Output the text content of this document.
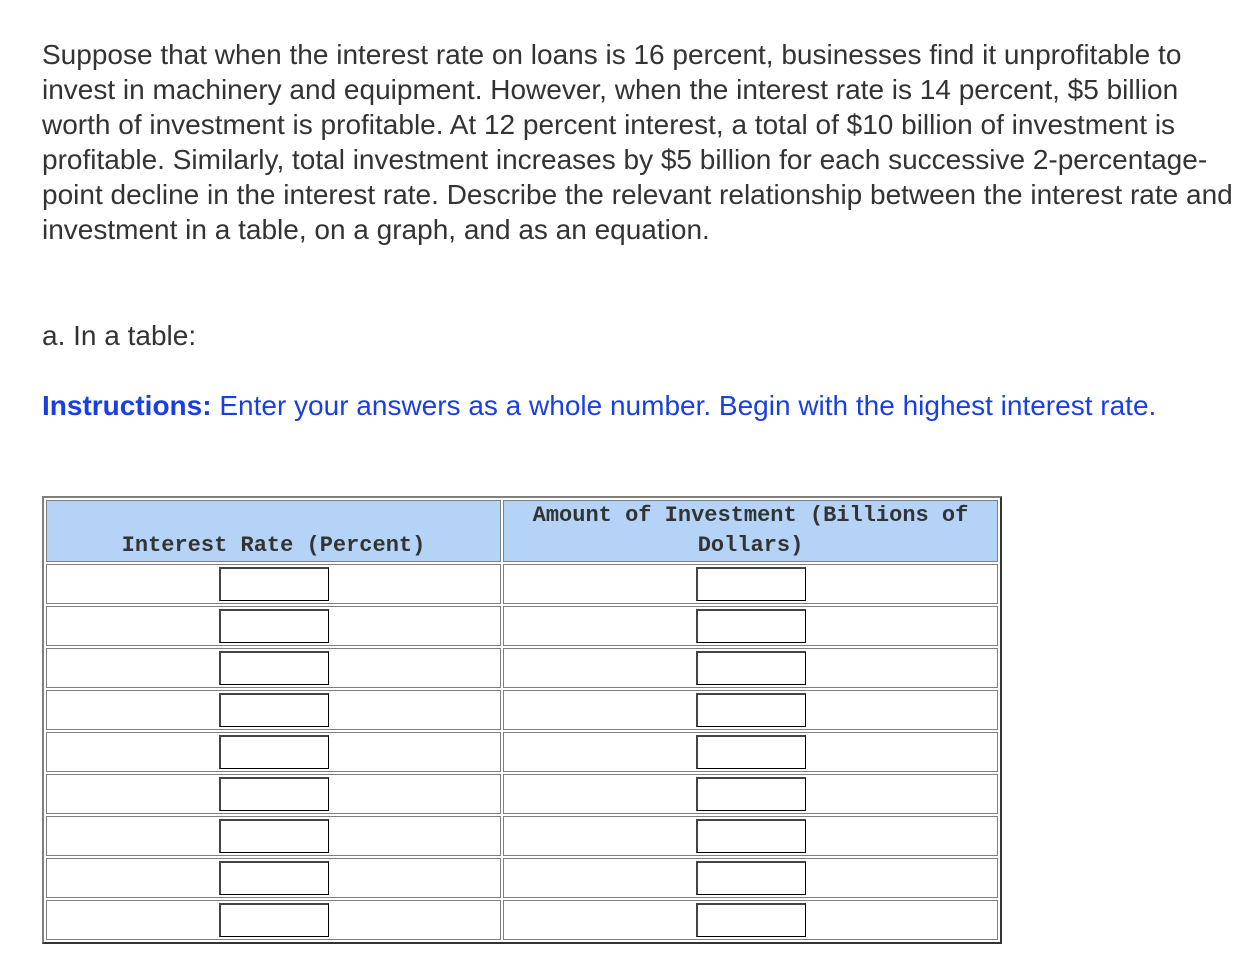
Suppose that when the interest rate on loans is 16 percent, businesses find it unprofitable to invest in machinery and equipment. However, when the interest rate is 14 percent, $5 billion worth of investment is profitable. At 12 percent interest, a total of $10 billion of investment is profitable. Similarly, total investment increases by $5 billion for each successive 2-percentage-point decline in the interest rate. Describe the relevant relationship between the interest rate and investment in a table, on a graph, and as an equation.

a. In a table:

Instructions: Enter your answers as a whole number. Begin with the highest interest rate.

Interest Rate (Percent)	Amount of Investment (Billions of Dollars)
